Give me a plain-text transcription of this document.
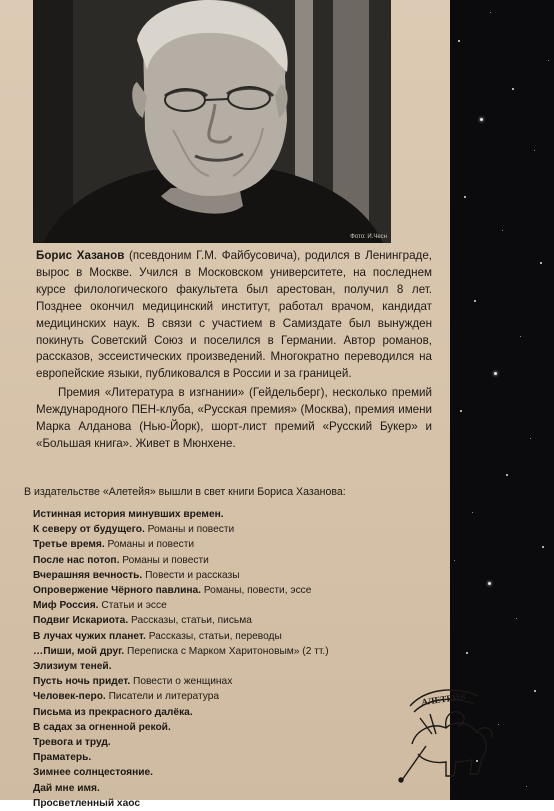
Фото: И.Чесн

Борис Хазанов (псевдоним Г.М. Файбусовича), родился в Ленинграде, вырос в Москве. Учился в Московском университете, на последнем курсе филологического факультета был арестован, получил 8 лет. Позднее окончил медицинский институт, работал врачом, кандидат медицинских наук. В связи с участием в Самиздате был вынужден покинуть Советский Союз и поселился в Германии. Автор романов, рассказов, эссеистических произведений. Многократно переводился на европейские языки, публиковался в России и за границей.

Премия «Литература в изгнании» (Гейдельберг), несколько премий Международного ПЕН-клуба, «Русская премия» (Москва), премия имени Марка Алданова (Нью-Йорк), шорт-лист премий «Русский Букер» и «Большая книга». Живет в Мюнхене.

В издательстве «Алетейя» вышли в свет книги Бориса Хазанова:
Истинная история минувших времен.
К северу от будущего. Романы и повести
Третье время. Романы и повести
После нас потоп. Романы и повести
Вчерашняя вечность. Повести и рассказы
Опровержение Чёрного павлина. Романы, повести, эссе
Миф Россия. Статьи и эссе
Подвиг Искариота. Рассказы, статьи, письма
В лучах чужих планет. Рассказы, статьи, переводы
…Пиши, мой друг. Переписка с Марком Харитоновым» (2 тт.)
Элизиум теней.
Пусть ночь придет. Повести о женщинах
Человек-перо. Писатели и литература
Письма из прекрасного далёка.
В садах за огненной рекой.
Тревога и труд.
Праматерь.
Зимнее солнцестояние.
Дай мне имя.
Просветленный хаос
АЛЕТЕЙЯ
